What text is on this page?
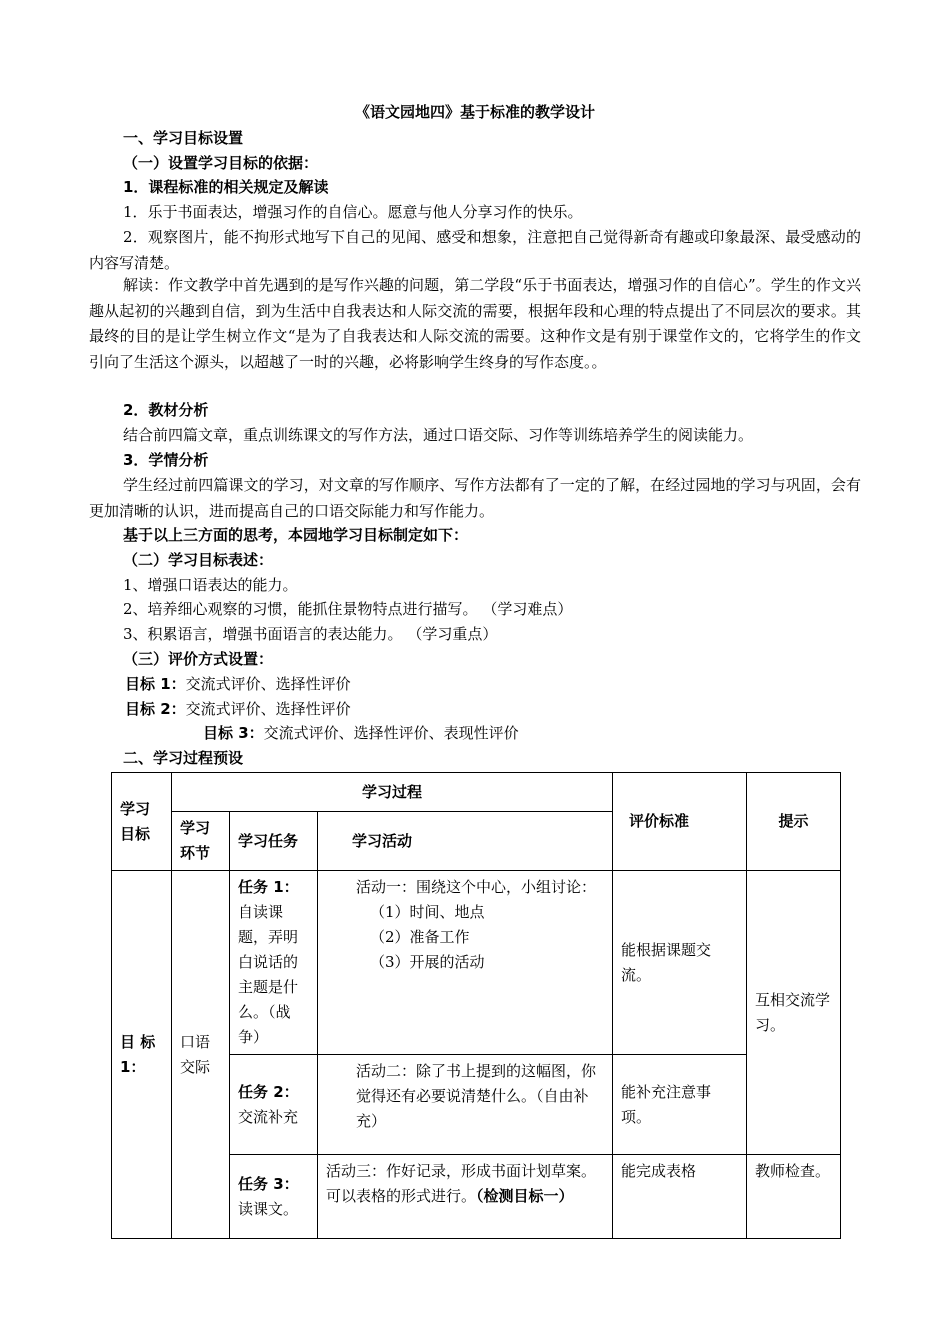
《语文园地四》基于标准的教学设计
一、学习目标设置
（一）设置学习目标的依据：
1．课程标准的相关规定及解读
1．乐于书面表达，增强习作的自信心。愿意与他人分享习作的快乐。
2．观察图片，能不拘形式地写下自己的见闻、感受和想象，注意把自己觉得新奇有趣或印象最深、最受感动的内容写清楚。
解读：作文教学中首先遇到的是写作兴趣的问题，第二学段“乐于书面表达，增强习作的自信心”。学生的作文兴趣从起初的兴趣到自信，到为生活中自我表达和人际交流的需要，根据年段和心理的特点提出了不同层次的要求。其最终的目的是让学生树立作文“是为了自我表达和人际交流的需要。这种作文是有别于课堂作文的，它将学生的作文引向了生活这个源头，以超越了一时的兴趣，必将影响学生终身的写作态度。。
2．教材分析
结合前四篇文章，重点训练课文的写作方法，通过口语交际、习作等训练培养学生的阅读能力。
3．学情分析
学生经过前四篇课文的学习，对文章的写作顺序、写作方法都有了一定的了解，在经过园地的学习与巩固，会有更加清晰的认识，进而提高自己的口语交际能力和写作能力。
基于以上三方面的思考，本园地学习目标制定如下：
（二）学习目标表述：
1、增强口语表达的能力。
2、培养细心观察的习惯，能抓住景物特点进行描写。 （学习难点）
3、积累语言，增强书面语言的表达能力。 （学习重点）
（三）评价方式设置：
目标 1：交流式评价、选择性评价
目标 2：交流式评价、选择性评价
目标 3：交流式评价、选择性评价、表现性评价
二、学习过程预设
学习目标	学习过程			评价标准	提示
	学习环节	学习任务	学习活动		
目 标 1：	口语交际	任务 1：自读课题，弄明白说话的主题是什么。（战争）	活动一：围绕这个中心，小组讨论：
（1）时间、地点
（2）准备工作
（3）开展的活动	能根据课题交流。	互相交流学习。
		任务 2：交流补充	活动二：除了书上提到的这幅图，你觉得还有必要说清楚什么。（自由补充）	能补充注意事项。	
		任务 3：读课文。	活动三：作好记录，形成书面计划草案。可以表格的形式进行。（检测目标一）	能完成表格	教师检查。
